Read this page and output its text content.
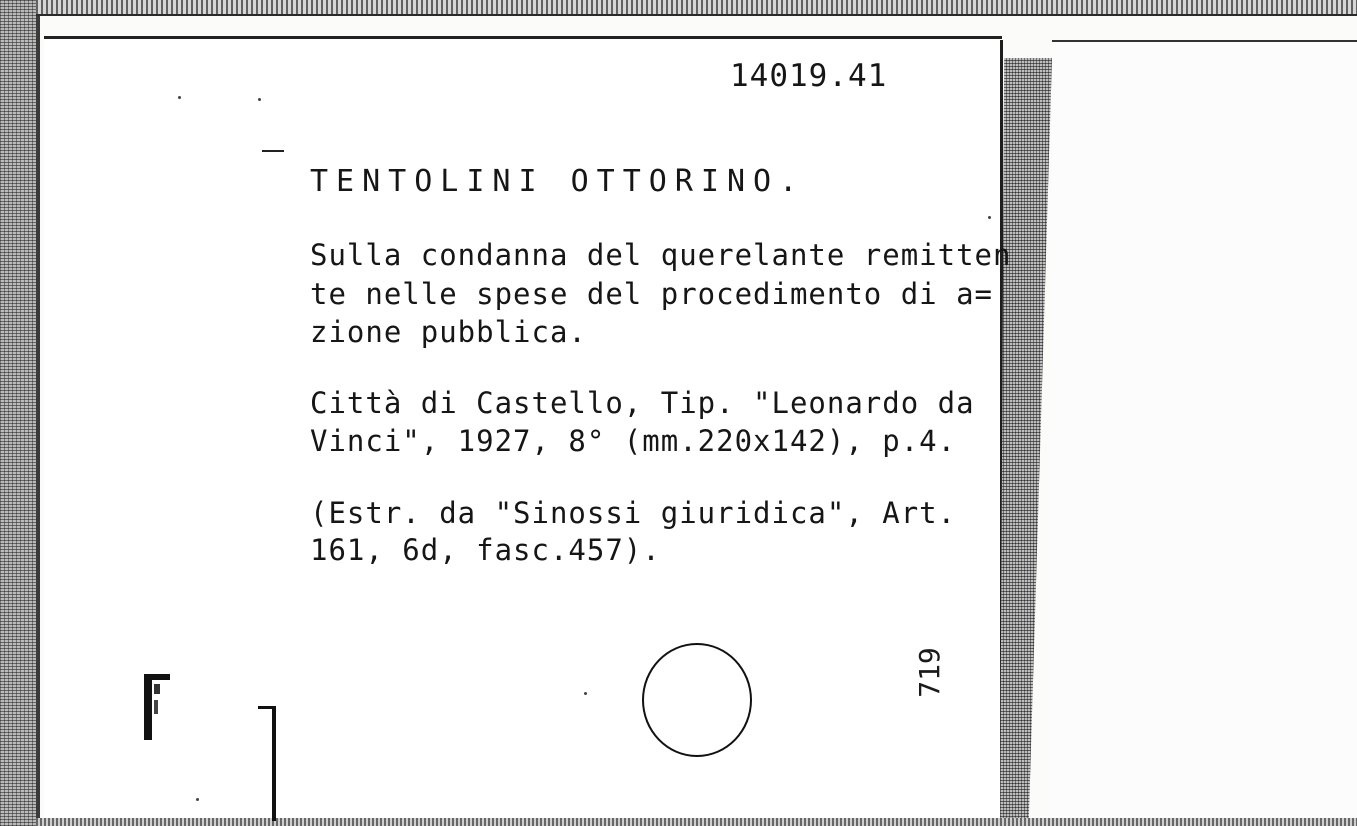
14019.41
TENTOLINI OTTORINO.
Sulla condanna del querelante remitten
te nelle spese del procedimento di a=
zione pubblica.
Città di Castello, Tip. "Leonardo da
Vinci", 1927, 8° (mm.220x142), p.4.
(Estr. da "Sinossi giuridica", Art.
161, 6d, fasc.457).
719
